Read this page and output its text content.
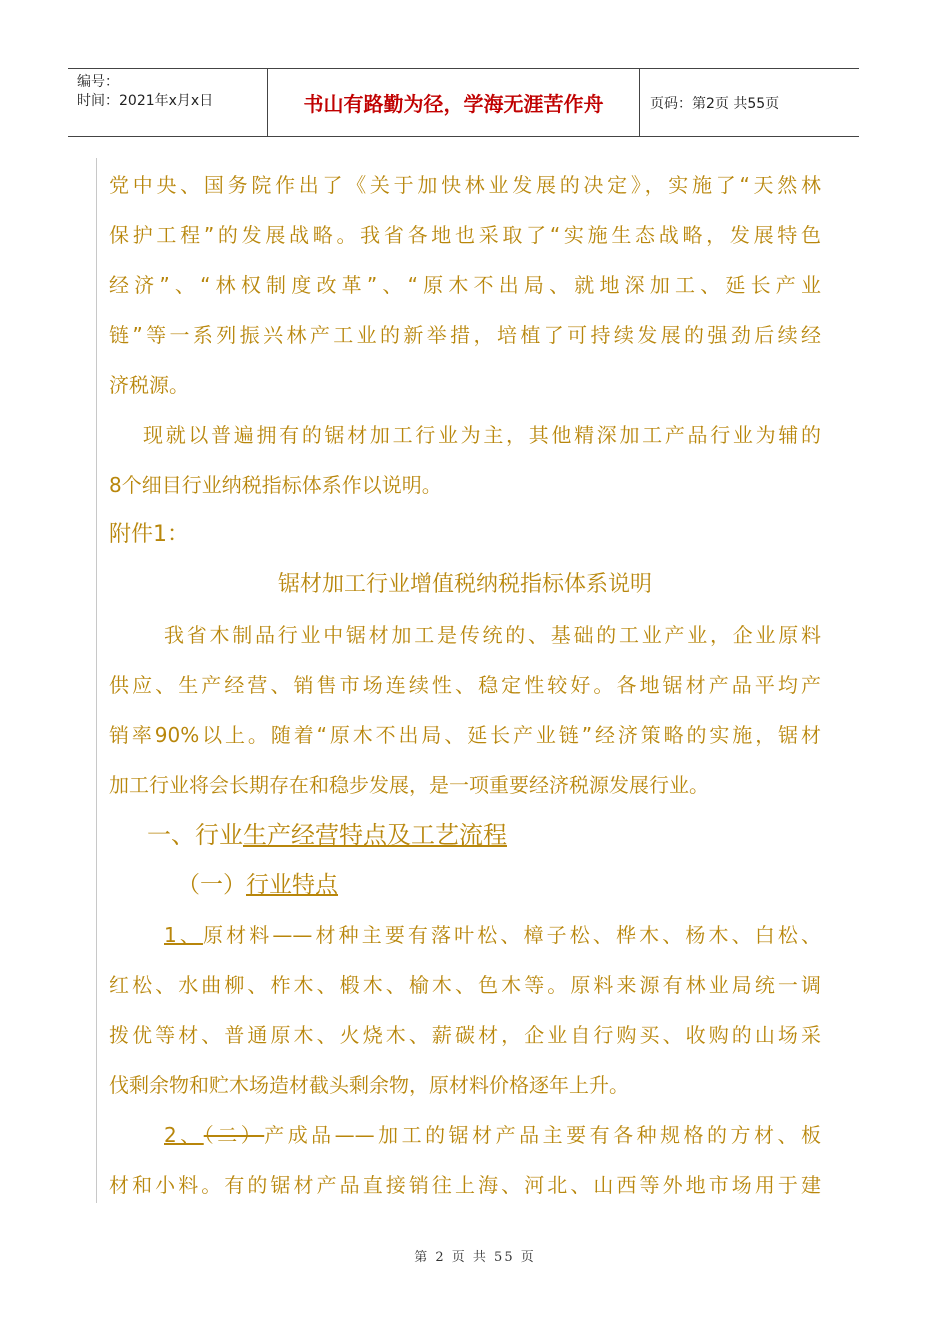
编号：
时间：2021年x月x日	书山有路勤为径，学海无涯苦作舟	页码：第2页 共55页
党中央、国务院作出了《关于加快林业发展的决定》，实施了“天然林
保护工程”的发展战略。我省各地也采取了“实施生态战略，发展特色
经济”、“林权制度改革”、“原木不出局、就地深加工、延长产业
链”等一系列振兴林产工业的新举措，培植了可持续发展的强劲后续经
济税源。
现就以普遍拥有的锯材加工行业为主，其他精深加工产品行业为辅的
8个细目行业纳税指标体系作以说明。
附件1：
锯材加工行业增值税纳税指标体系说明
我省木制品行业中锯材加工是传统的、基础的工业产业，企业原料
供应、生产经营、销售市场连续性、稳定性较好。各地锯材产品平均产
销率90%以上。随着“原木不出局、延长产业链”经济策略的实施，锯材
加工行业将会长期存在和稳步发展，是一项重要经济税源发展行业。
一、行业生产经营特点及工艺流程
（一）行业特点
1、原材料——材种主要有落叶松、樟子松、桦木、杨木、白松、
红松、水曲柳、柞木、椴木、榆木、色木等。原料来源有林业局统一调
拨优等材、普通原木、火烧木、薪碳材，企业自行购买、收购的山场采
伐剩余物和贮木场造材截头剩余物，原材料价格逐年上升。
2、（二）产成品——加工的锯材产品主要有各种规格的方材、板
材和小料。有的锯材产品直接销往上海、河北、山西等外地市场用于建
第 2 页 共 55 页
